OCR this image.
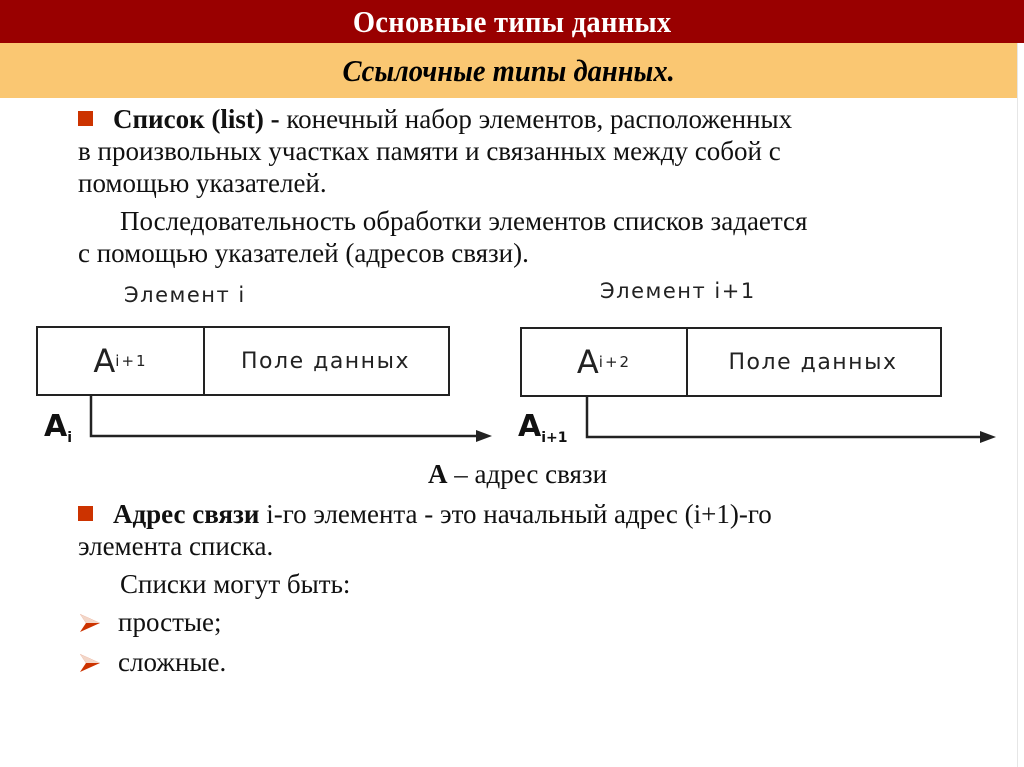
Основные типы данных
Ссылочные типы данных.
Список (list) - конечный набор элементов, расположенных
в произвольных участках памяти и связанных между собой с
помощью указателей.
Последовательность обработки элементов списков задается
с помощью указателей (адресов связи).
Элемент i	Элемент i+1
A i+1	Поле данных	A i+2	Поле данных
$A_i$	$A_{i+1}$
A – адрес связи
Адрес связи i-го элемента - это начальный адрес (i+1)-го
элемента списка.
Списки могут быть:
простые;
сложные.
